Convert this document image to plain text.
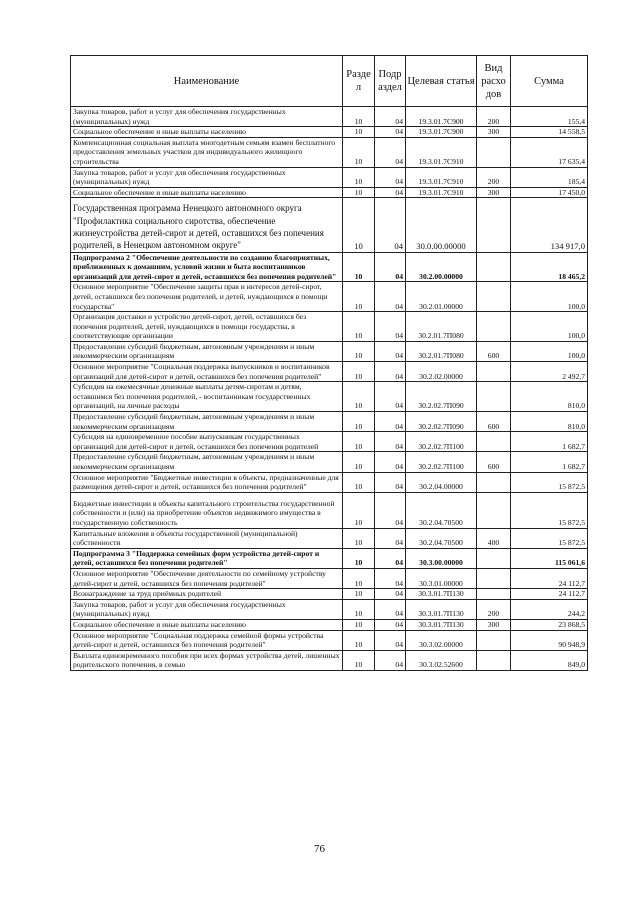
Наименование	Разде л	Подр аздел	Целевая статья	Вид расхо дов	Сумма
Закупка товаров, работ и услуг для обеспечения государственных (муниципальных) нужд	10	04	19.3.01.7С900	200	155,4
Социальное обеспечение и иные выплаты населению	10	04	19.3.01.7С900	300	14 558,5
Компенсационная социальная выплата многодетным семьям взамен бесплатного предоставления земельных участков для индивидуального жилищного строительства	10	04	19.3.01.7С910		17 635,4
Закупка товаров, работ и услуг для обеспечения государственных (муниципальных) нужд	10	04	19.3.01.7С910	200	185,4
Социальное обеспечение и иные выплаты населению	10	04	19.3.01.7С910	300	17 450,0
Государственная программа Ненецкого автономного округа "Профилактика социального сиротства, обеспечение жизнеустройства детей-сирот и детей, оставшихся без попечения родителей, в Ненецком автономном округе"	10	04	30.0.00.00000		134 917,0
Подпрограмма 2 "Обеспечение деятельности по созданию благоприятных, приближенных к домашним, условий жизни и быта воспитанников организаций для детей-сирот и детей, оставшихся без попечения родителей"	10	04	30.2.00.00000		18 465,2
Основное мероприятие "Обеспечение защиты прав и интересов детей-сирот, детей, оставшихся без попечения родителей, и детей, нуждающихся в помощи государства"	10	04	30.2.01.00000		100,0
Организация доставки и устройство детей-сирот, детей, оставшихся без попечения родителей, детей, нуждающихся в помощи государства, в соответствующие организации	10	04	30.2.01.7П080		100,0
Предоставление субсидий бюджетным, автономным учреждениям и иным некоммерческим организациям	10	04	30.2.01.7П080	600	100,0
Основное мероприятие "Социальная поддержка выпускников и воспитанников организаций для детей-сирот и детей, оставшихся без попечения родителей"	10	04	30.2.02.00000		2 492,7
Субсидия на ежемесячные денежные выплаты детям-сиротам и детям, оставшимся без попечения родителей, - воспитанникам государственных организаций, на личные расходы	10	04	30.2.02.7П090		810,0
Предоставление субсидий бюджетным, автономным учреждениям и иным некоммерческим организациям	10	04	30.2.02.7П090	600	810,0
Субсидия на единовременное пособие выпускникам государственных организаций для детей-сирот и детей, оставшихся без попечения родителей	10	04	30.2.02.7П100		1 682,7
Предоставление субсидий бюджетным, автономным учреждениям и иным некоммерческим организациям	10	04	30.2.02.7П100	600	1 682,7
Основное мероприятие "Бюджетные инвестиции в объекты, предназначенные для размещения детей-сирот и детей, оставшихся без попечения родителей"	10	04	30.2.04.00000		15 872,5
Бюджетные инвестиции в объекты капитального строительства государственной собственности и (или) на приобретение объектов недвижимого имущества в государственную собственность	10	04	30.2.04.70500		15 872,5
Капитальные вложения в объекты государственной (муниципальной) собственности	10	04	30.2.04.70500	400	15 872,5
Подпрограмма 3 "Поддержка семейных форм устройства детей-сирот и детей, оставшихся без попечения родителей"	10	04	30.3.00.00000		115 061,6
Основное мероприятие "Обеспечение деятельности по семейному устройству детей-сирот и детей, оставшихся без попечения родителей"	10	04	30.3.01.00000		24 112,7
Вознаграждение за труд приёмных родителей	10	04	30.3.01.7П130		24 112,7
Закупка товаров, работ и услуг для обеспечения государственных (муниципальных) нужд	10	04	30.3.01.7П130	200	244,2
Социальное обеспечение и иные выплаты населению	10	04	30.3.01.7П130	300	23 868,5
Основное мероприятие "Социальная поддержка семейной формы устройства детей-сирот и детей, оставшихся без попечения родителей"	10	04	30.3.02.00000		90 948,9
Выплата единовременного пособия при всех формах устройства детей, лишенных родительского попечения, в семью	10	04	30.3.02.52600		849,0
76
